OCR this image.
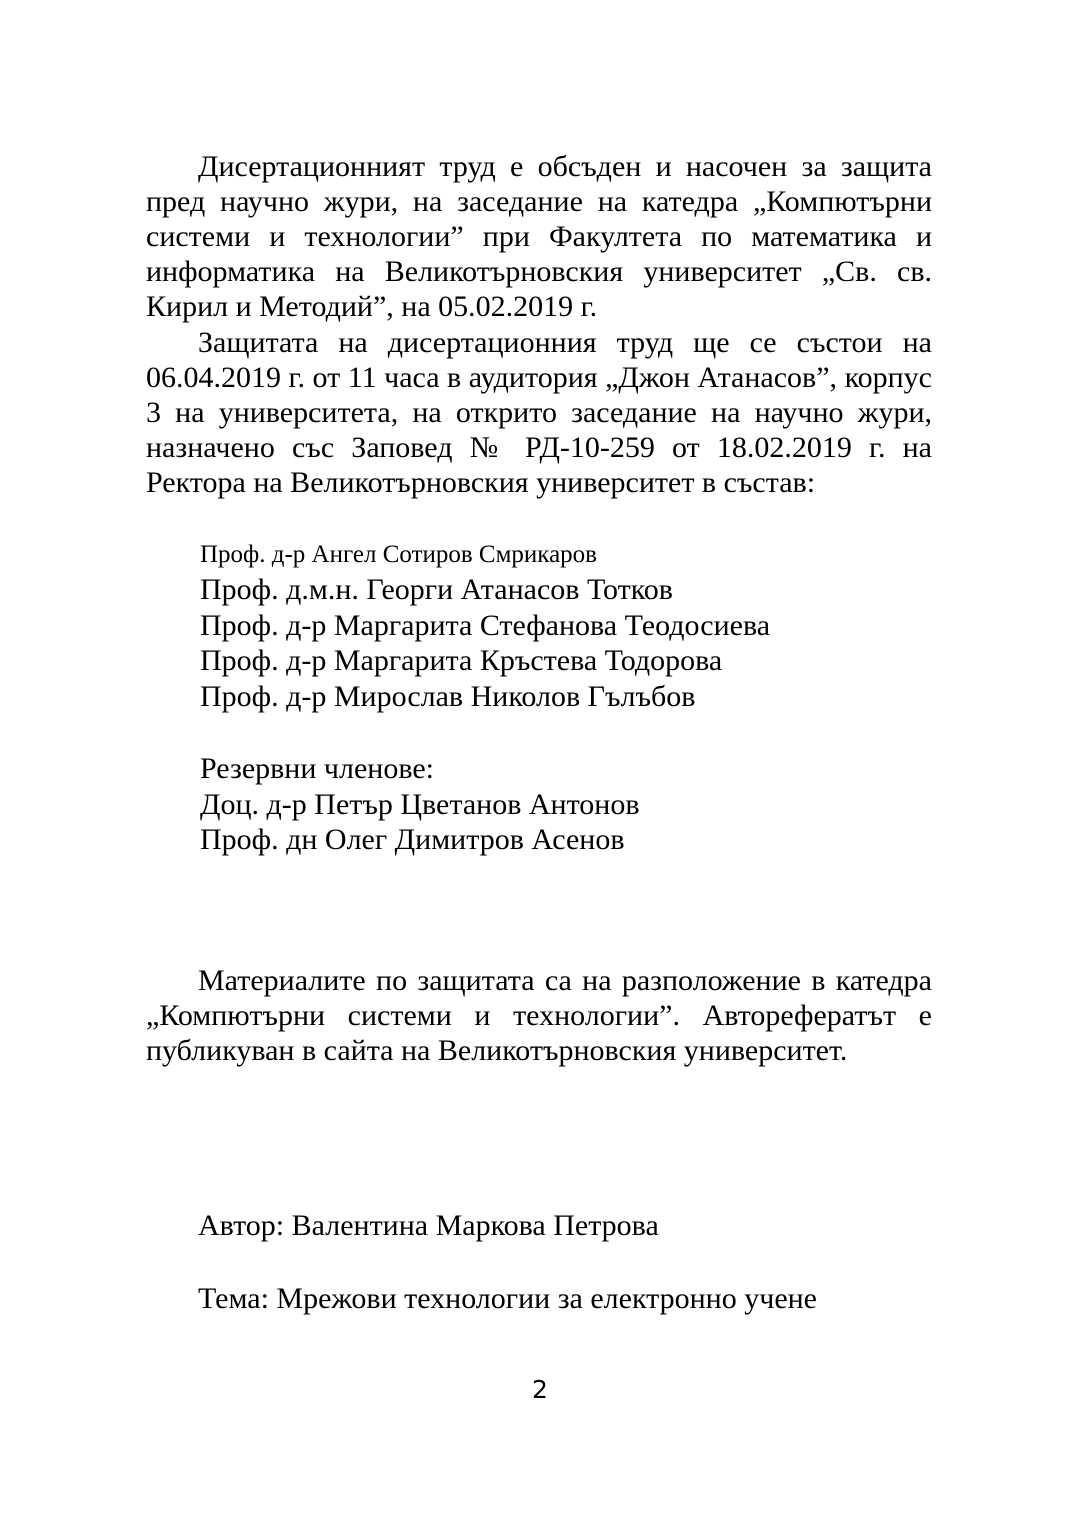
Дисертационният труд е обсъден и насочен за защита пред научно жури, на заседание на катедра „Компютърни системи и технологии” при Факултета по математика и информатика на Великотърновския университет „Св. св. Кирил и Методий”, на 05.02.2019 г.
Защитата на дисертационния труд ще се състои на 06.04.2019 г. от 11 часа в аудитория „Джон Атанасов”, корпус 3 на университета, на открито заседание на научно жури, назначено със Заповед № РД-10-259 от 18.02.2019 г. на Ректора на Великотърновския университет в състав:
Проф. д-р Ангел Сотиров Смрикаров
Проф. д.м.н. Георги Атанасов Тотков
Проф. д-р Маргарита Стефанова Теодосиева
Проф. д-р Маргарита Кръстева Тодорова
Проф. д-р Мирослав Николов Гълъбов
Резервни членове:
Доц. д-р Петър Цветанов Антонов
Проф. дн Олег Димитров Асенов
Материалите по защитата са на разположение в катедра „Компютърни системи и технологии”. Авторефератът е публикуван в сайта на Великотърновския университет.
Автор: Валентина Маркова Петрова
Тема: Мрежови технологии за електронно учене
2
